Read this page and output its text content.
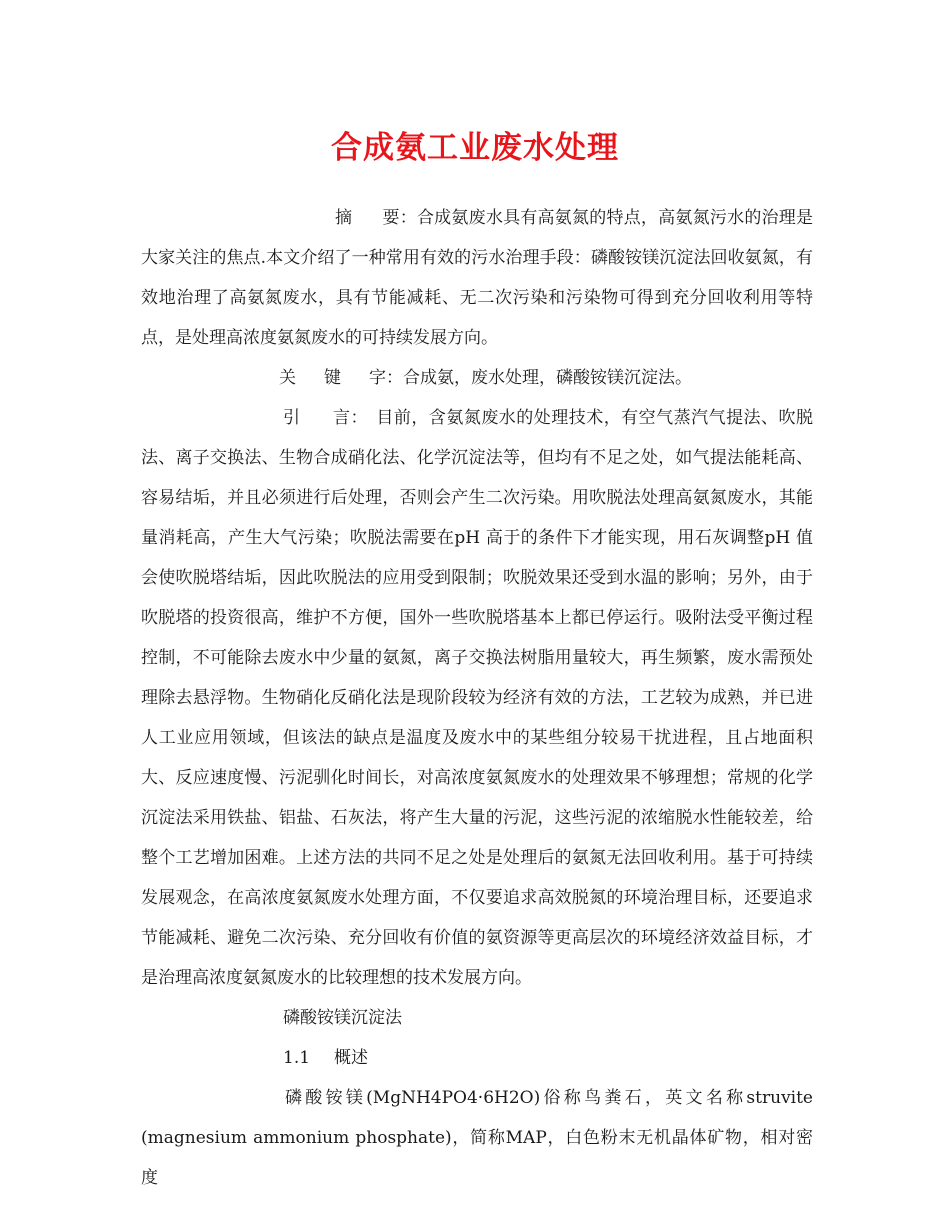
合成氨工业废水处理

摘 要：合成氨废水具有高氨氮的特点，高氨氮污水的治理是大家关注的焦点.本文介绍了一种常用有效的污水治理手段：磷酸铵镁沉淀法回收氨氮，有效地治理了高氨氮废水，具有节能减耗、无二次污染和污染物可得到充分回收利用等特点，是处理高浓度氨氮废水的可持续发展方向。

关 键 字：合成氨，废水处理，磷酸铵镁沉淀法。

引 言： 目前，含氨氮废水的处理技术，有空气蒸汽气提法、吹脱法、离子交换法、生物合成硝化法、化学沉淀法等，但均有不足之处，如气提法能耗高、容易结垢，并且必须进行后处理，否则会产生二次污染。用吹脱法处理高氨氮废水，其能量消耗高，产生大气污染；吹脱法需要在pH 高于的条件下才能实现，用石灰调整pH 值会使吹脱塔结垢，因此吹脱法的应用受到限制；吹脱效果还受到水温的影响；另外，由于吹脱塔的投资很高，维护不方便，国外一些吹脱塔基本上都已停运行。吸附法受平衡过程控制，不可能除去废水中少量的氨氮，离子交换法树脂用量较大，再生频繁，废水需预处理除去悬浮物。生物硝化反硝化法是现阶段较为经济有效的方法，工艺较为成熟，并已进人工业应用领域，但该法的缺点是温度及废水中的某些组分较易干扰进程，且占地面积大、反应速度慢、污泥驯化时间长，对高浓度氨氮废水的处理效果不够理想；常规的化学沉淀法采用铁盐、铝盐、石灰法，将产生大量的污泥，这些污泥的浓缩脱水性能较差，给整个工艺增加困难。上述方法的共同不足之处是处理后的氨氮无法回收利用。基于可持续发展观念，在高浓度氨氮废水处理方面，不仅要追求高效脱氮的环境治理目标，还要追求节能减耗、避免二次污染、充分回收有价值的氨资源等更高层次的环境经济效益目标，才是治理高浓度氨氮废水的比较理想的技术发展方向。

磷酸铵镁沉淀法

1.1 概述

磷酸铵镁(MgNH4PO4·6H2O)俗称鸟粪石，英文名称struvite (magnesium ammonium phosphate)，简称MAP，白色粉末无机晶体矿物，相对密度
